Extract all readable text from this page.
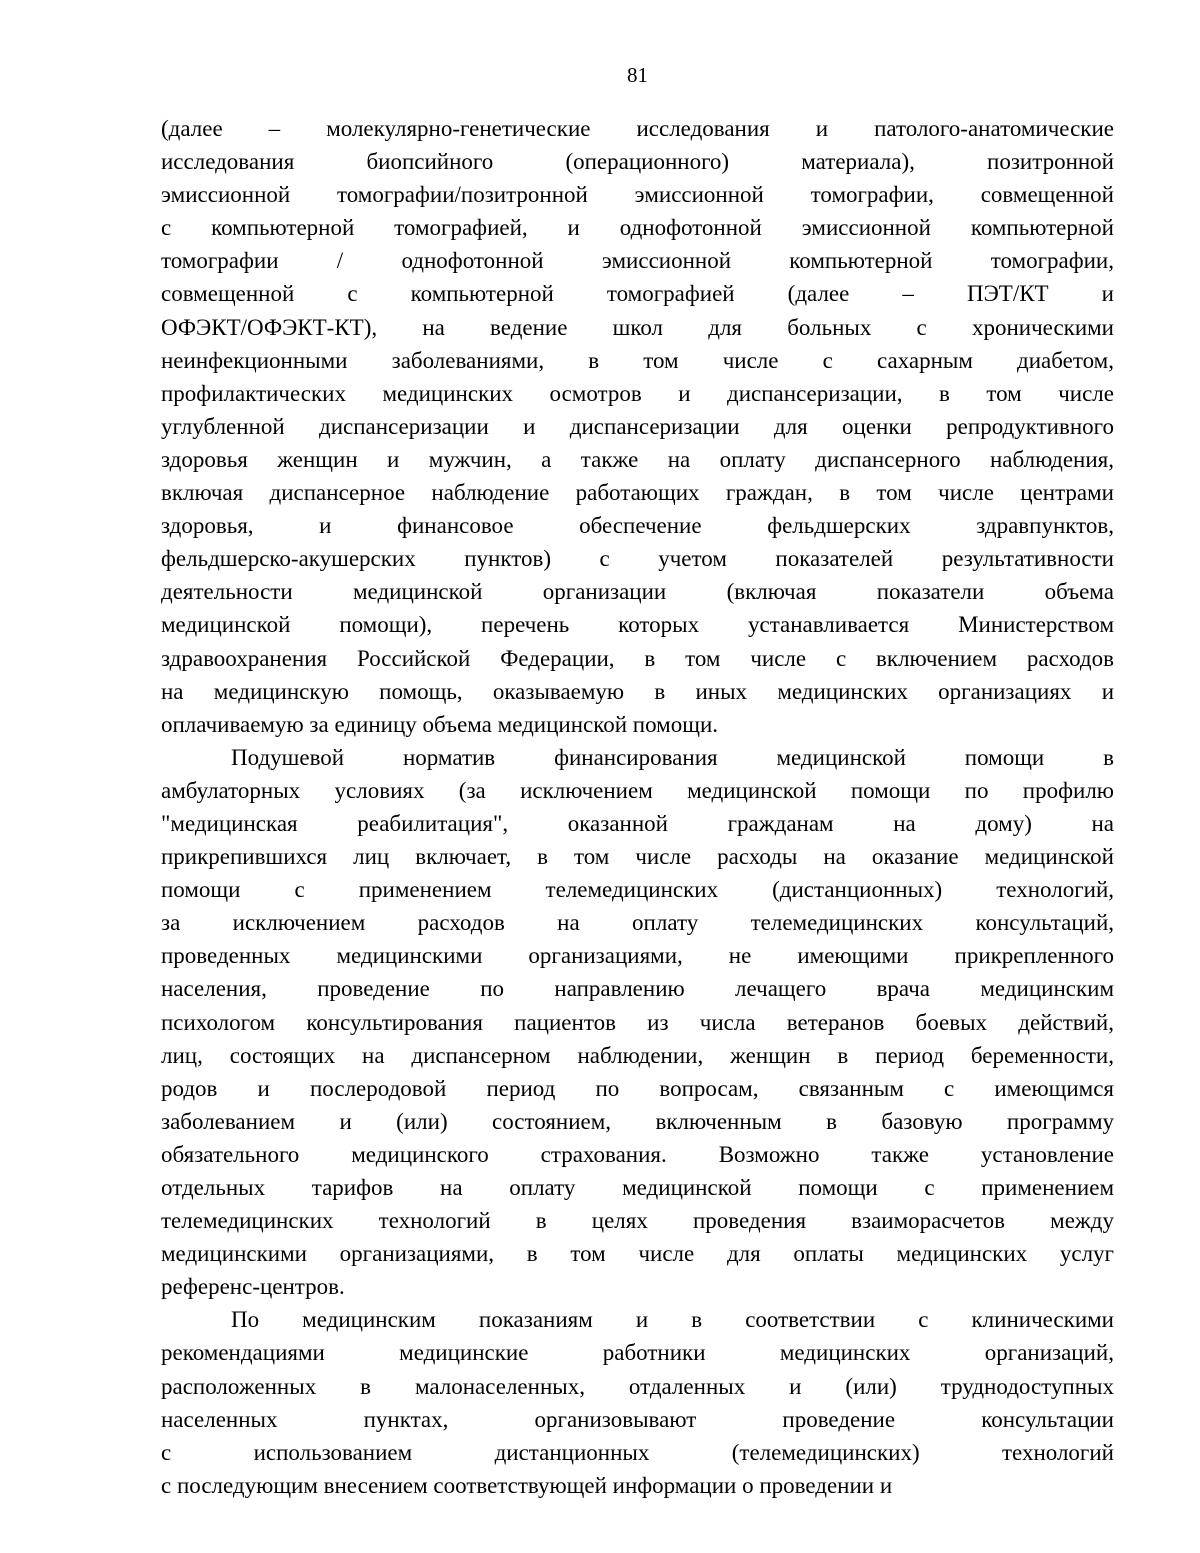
81
(далее – молекулярно-генетические исследования и патолого-анатомические
исследования биопсийного (операционного) материала), позитронной
эмиссионной томографии/позитронной эмиссионной томографии, совмещенной
с компьютерной томографией, и однофотонной эмиссионной компьютерной
томографии / однофотонной эмиссионной компьютерной томографии,
совмещенной с компьютерной томографией (далее – ПЭТ/КТ и
ОФЭКТ/ОФЭКТ-КТ), на ведение школ для больных с хроническими
неинфекционными заболеваниями, в том числе с сахарным диабетом,
профилактических медицинских осмотров и диспансеризации, в том числе
углубленной диспансеризации и диспансеризации для оценки репродуктивного
здоровья женщин и мужчин, а также на оплату диспансерного наблюдения,
включая диспансерное наблюдение работающих граждан, в том числе центрами
здоровья, и финансовое обеспечение фельдшерских здравпунктов,
фельдшерско-акушерских пунктов) с учетом показателей результативности
деятельности медицинской организации (включая показатели объема
медицинской помощи), перечень которых устанавливается Министерством
здравоохранения Российской Федерации, в том числе с включением расходов
на медицинскую помощь, оказываемую в иных медицинских организациях и
оплачиваемую за единицу объема медицинской помощи.
Подушевой норматив финансирования медицинской помощи в
амбулаторных условиях (за исключением медицинской помощи по профилю
"медицинская реабилитация", оказанной гражданам на дому) на
прикрепившихся лиц включает, в том числе расходы на оказание медицинской
помощи с применением телемедицинских (дистанционных) технологий,
за исключением расходов на оплату телемедицинских консультаций,
проведенных медицинскими организациями, не имеющими прикрепленного
населения, проведение по направлению лечащего врача медицинским
психологом консультирования пациентов из числа ветеранов боевых действий,
лиц, состоящих на диспансерном наблюдении, женщин в период беременности,
родов и послеродовой период по вопросам, связанным с имеющимся
заболеванием и (или) состоянием, включенным в базовую программу
обязательного медицинского страхования. Возможно также установление
отдельных тарифов на оплату медицинской помощи с применением
телемедицинских технологий в целях проведения взаиморасчетов между
медицинскими организациями, в том числе для оплаты медицинских услуг
референс-центров.
По медицинским показаниям и в соответствии с клиническими
рекомендациями медицинские работники медицинских организаций,
расположенных в малонаселенных, отдаленных и (или) труднодоступных
населенных пунктах, организовывают проведение консультации
с использованием дистанционных (телемедицинских) технологий
с последующим внесением соответствующей информации о проведении и
